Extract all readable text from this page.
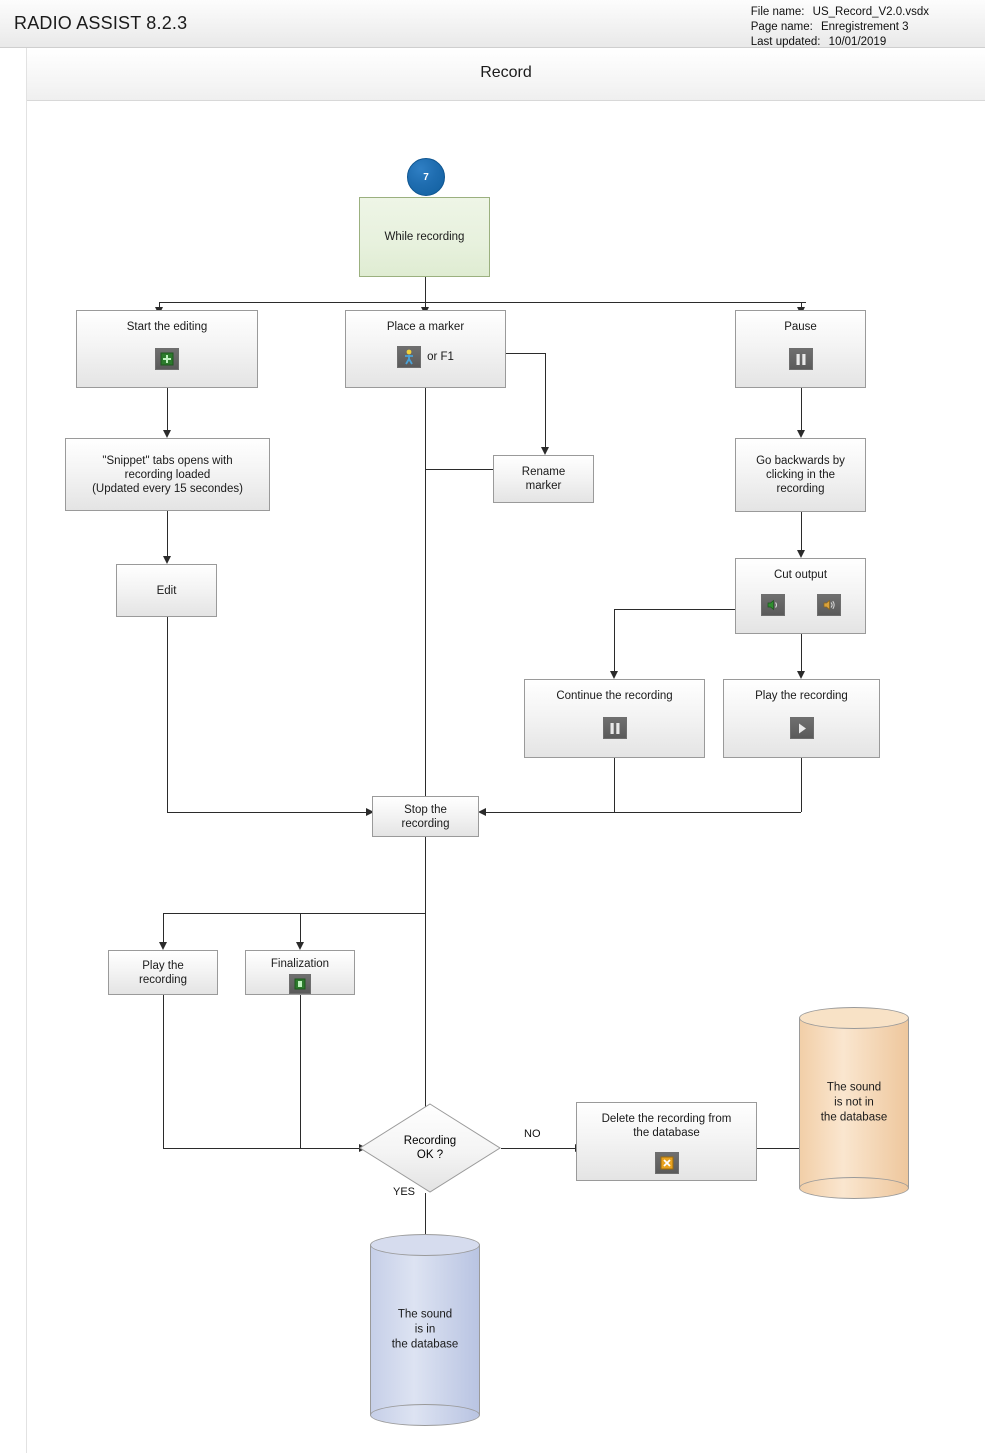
RADIO ASSIST 8.2.3
File name: US_Record_V2.0.vsdx
Page name: Enregistrement 3
Last updated: 10/01/2019
Record
NO
YES
7
While recording
Start the editing	Place a marker
or F1
Pause
"Snippet" tabs opens with
recording loaded
(Updated every 15 secondes)
Rename
marker
Go backwards by
clicking in the
recording
Edit
Cut output
Continue the recording	Play the recording
Stop the
recording
Play the
recording
Finalization
Recording
OK ?
Delete the recording from
the database
The sound
is not in
the database
The sound
is in
the database
